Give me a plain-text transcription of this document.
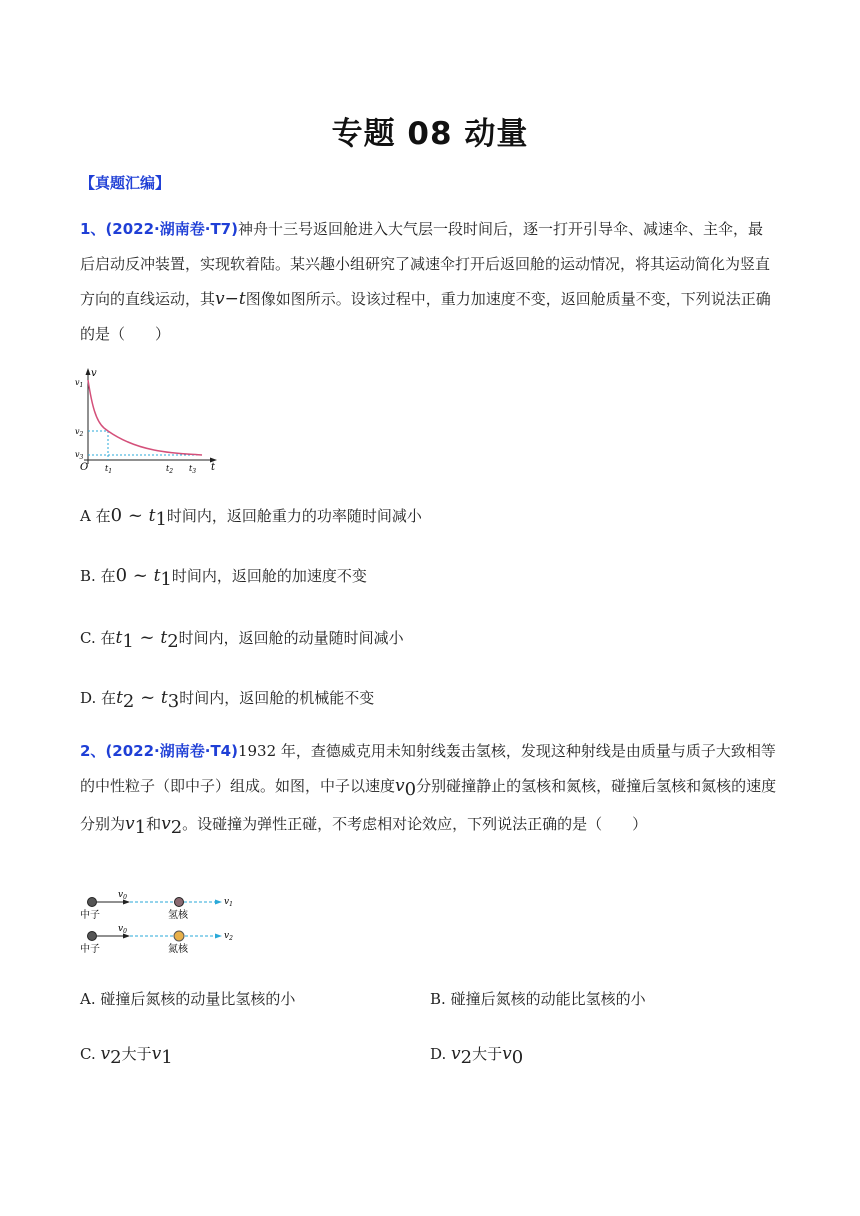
专题 08 动量
【真题汇编】
1、(2022·湖南卷·T7)神舟十三号返回舱进入大气层一段时间后，逐一打开引导伞、减速伞、主伞，最
后启动反冲装置，实现软着陆。某兴趣小组研究了减速伞打开后返回舱的运动情况，将其运动简化为竖直
方向的直线运动，其v−t图像如图所示。设该过程中，重力加速度不变，返回舱质量不变，下列说法正确
的是（　　）
v
$v_1$
$v_2$
$v_3$
O $t_1$	$t_2$ $t_3$ t
A 在0 ~ $t_1$时间内，返回舱重力的功率随时间减小
B. 在0 ~ $t_1$时间内，返回舱的加速度不变
C. 在$t_1$ ~ $t_2$时间内，返回舱的动量随时间减小
D. 在$t_2$ ~ $t_3$时间内，返回舱的机械能不变
2、(2022·湖南卷·T4)1932 年，查德威克用未知射线轰击氢核，发现这种射线是由质量与质子大致相等
的中性粒子（即中子）组成。如图，中子以速度$v_0$分别碰撞静止的氢核和氮核，碰撞后氢核和氮核的速度
分别为$v_1$和$v_2$。设碰撞为弹性正碰，不考虑相对论效应，下列说法正确的是（　　）
$v_0$	$v_1$
中子	氢核
$v_0$	$v_2$
中子	氮核
A. 碰撞后氮核的动量比氢核的小	B. 碰撞后氮核的动能比氢核的小
C. $v_2$大于$v_1$	D. $v_2$大于$v_0$
